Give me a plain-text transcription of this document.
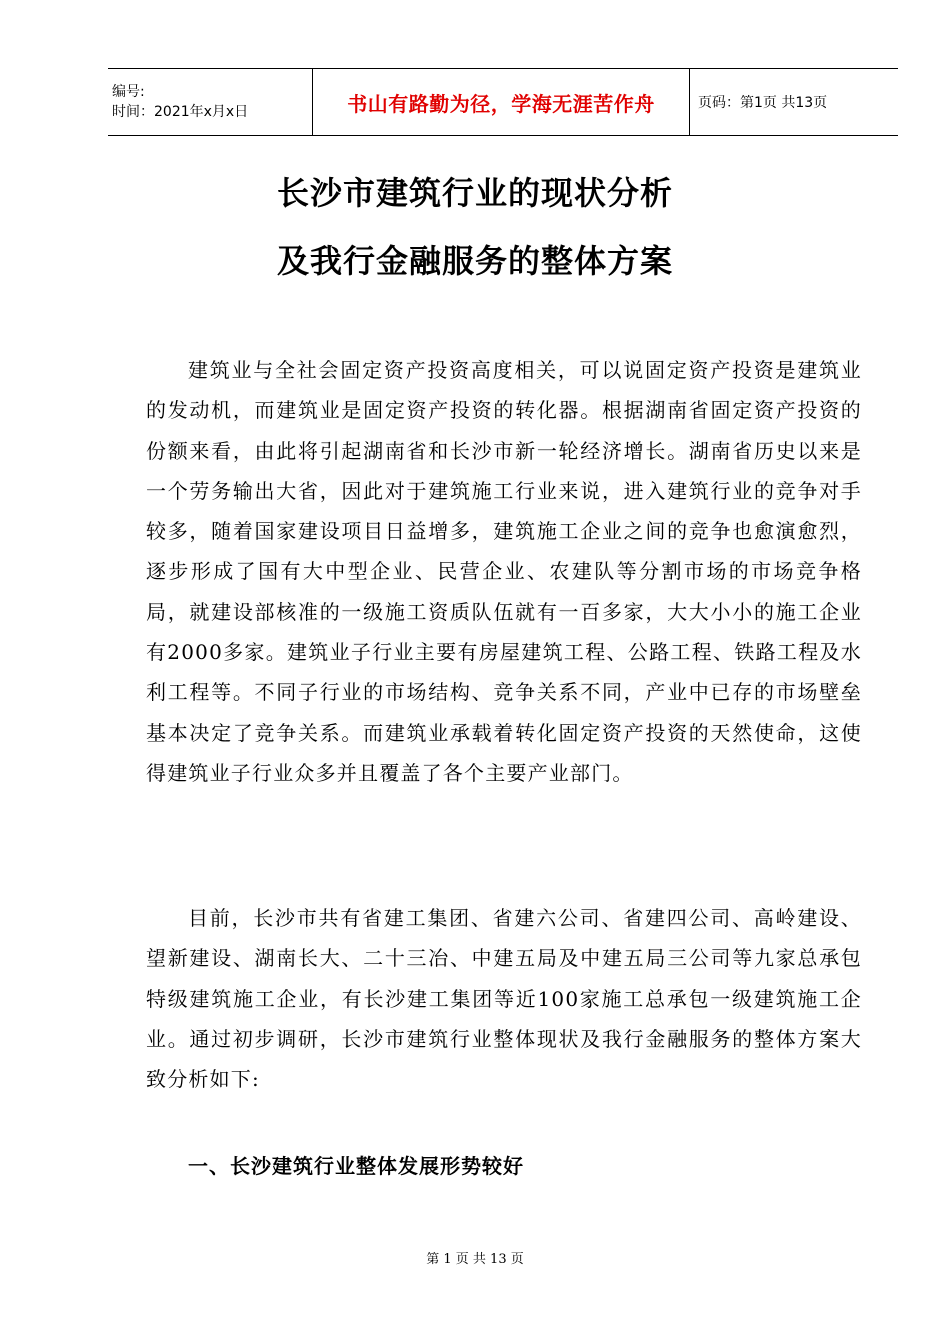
编号:
时间：2021年x月x日	书山有路勤为径，学海无涯苦作舟	页码：第1页 共13页
长沙市建筑行业的现状分析
及我行金融服务的整体方案

建筑业与全社会固定资产投资高度相关，可以说固定资产投资是建筑业的发动机，而建筑业是固定资产投资的转化器。根据湖南省固定资产投资的份额来看，由此将引起湖南省和长沙市新一轮经济增长。湖南省历史以来是一个劳务输出大省，因此对于建筑施工行业来说，进入建筑行业的竞争对手较多，随着国家建设项目日益增多，建筑施工企业之间的竞争也愈演愈烈，逐步形成了国有大中型企业、民营企业、农建队等分割市场的市场竞争格局，就建设部核准的一级施工资质队伍就有一百多家，大大小小的施工企业有2000多家。建筑业子行业主要有房屋建筑工程、公路工程、铁路工程及水利工程等。不同子行业的市场结构、竞争关系不同，产业中已存的市场壁垒基本决定了竞争关系。而建筑业承载着转化固定资产投资的天然使命，这使得建筑业子行业众多并且覆盖了各个主要产业部门。

目前，长沙市共有省建工集团、省建六公司、省建四公司、高岭建设、望新建设、湖南长大、二十三冶、中建五局及中建五局三公司等九家总承包特级建筑施工企业，有长沙建工集团等近100家施工总承包一级建筑施工企业。通过初步调研，长沙市建筑行业整体现状及我行金融服务的整体方案大致分析如下:

一、长沙建筑行业整体发展形势较好
第 1 页 共 13 页
